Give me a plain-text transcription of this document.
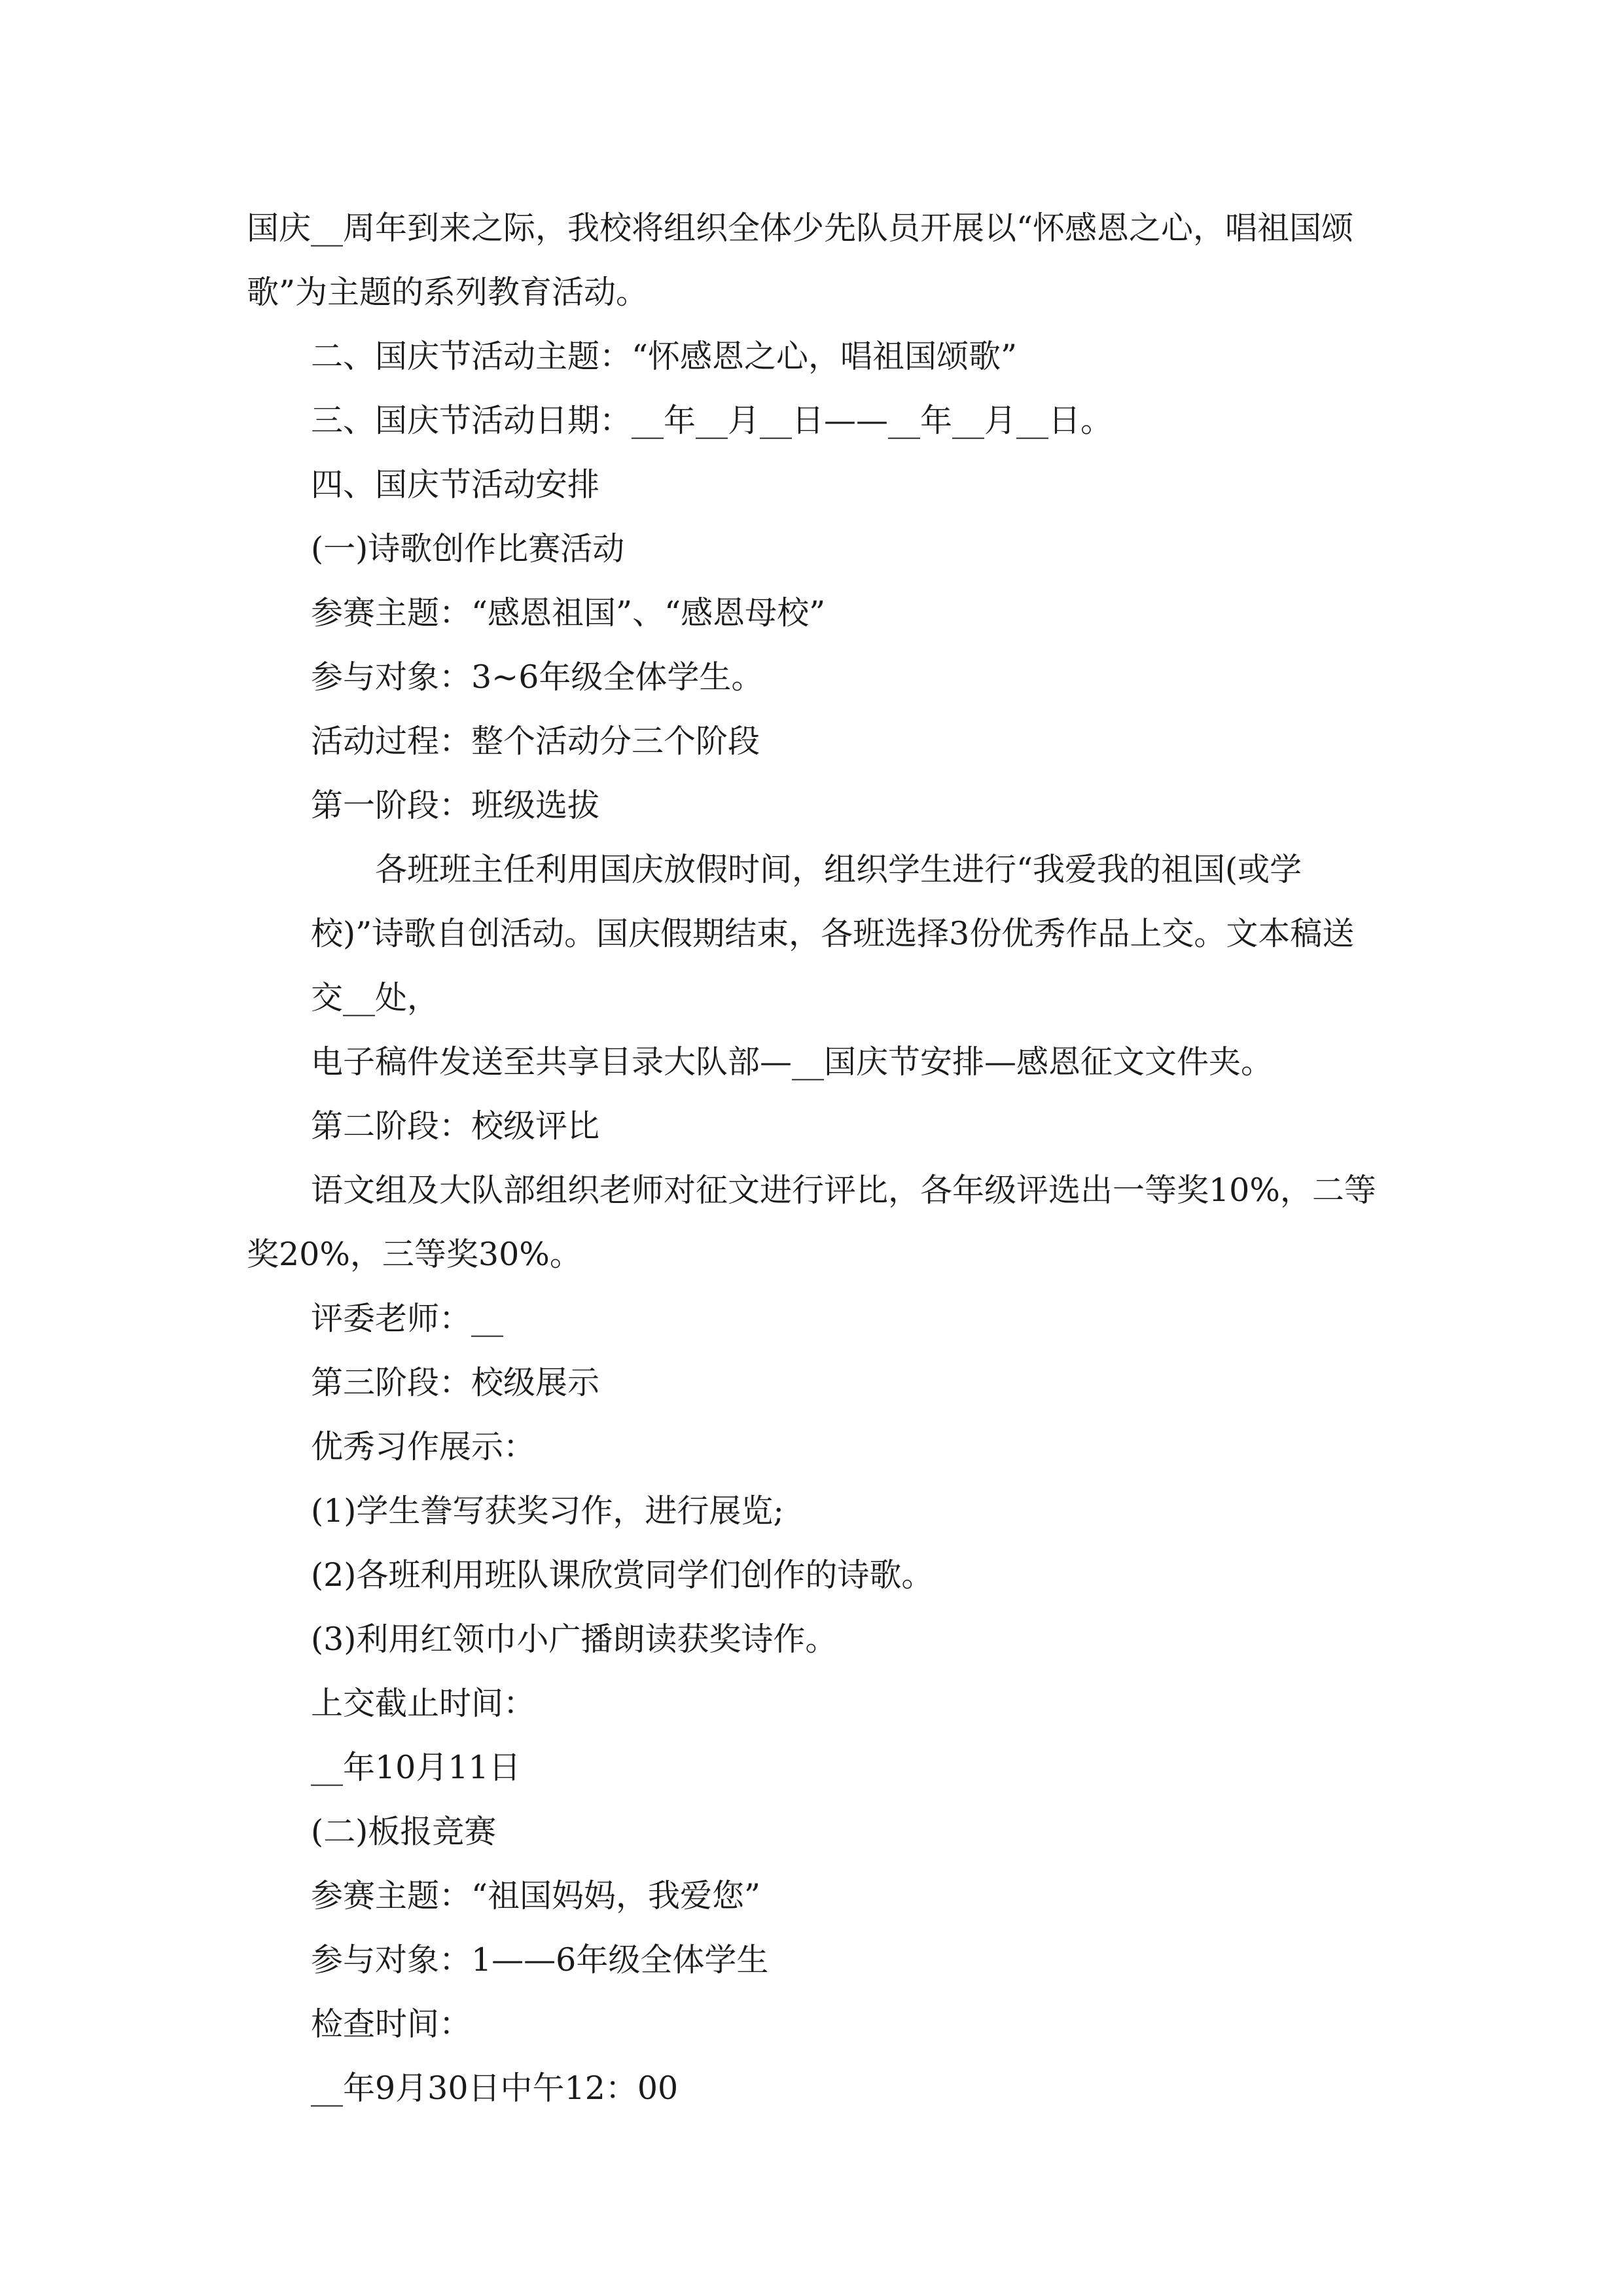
国庆__周年到来之际，我校将组织全体少先队员开展以“怀感恩之心，唱祖国颂歌”为主题的系列教育活动。

二、国庆节活动主题：“怀感恩之心，唱祖国颂歌”

三、国庆节活动日期：__年__月__日——__年__月__日。

四、国庆节活动安排

(一)诗歌创作比赛活动

参赛主题：“感恩祖国”、“感恩母校”

参与对象：3~6年级全体学生。

活动过程：整个活动分三个阶段

第一阶段：班级选拔

各班班主任利用国庆放假时间，组织学生进行“我爱我的祖国(或学校)”诗歌自创活动。国庆假期结束，各班选择3份优秀作品上交。文本稿送交__处，

电子稿件发送至共享目录大队部—__国庆节安排—感恩征文文件夹。

第二阶段：校级评比

语文组及大队部组织老师对征文进行评比，各年级评选出一等奖10%，二等奖20%，三等奖30%。

评委老师：__

第三阶段：校级展示

优秀习作展示：

(1)学生誊写获奖习作，进行展览;

(2)各班利用班队课欣赏同学们创作的诗歌。

(3)利用红领巾小广播朗读获奖诗作。

上交截止时间：

__年10月11日

(二)板报竞赛

参赛主题：“祖国妈妈，我爱您”

参与对象：1——6年级全体学生

检查时间：

__年9月30日中午12：00
